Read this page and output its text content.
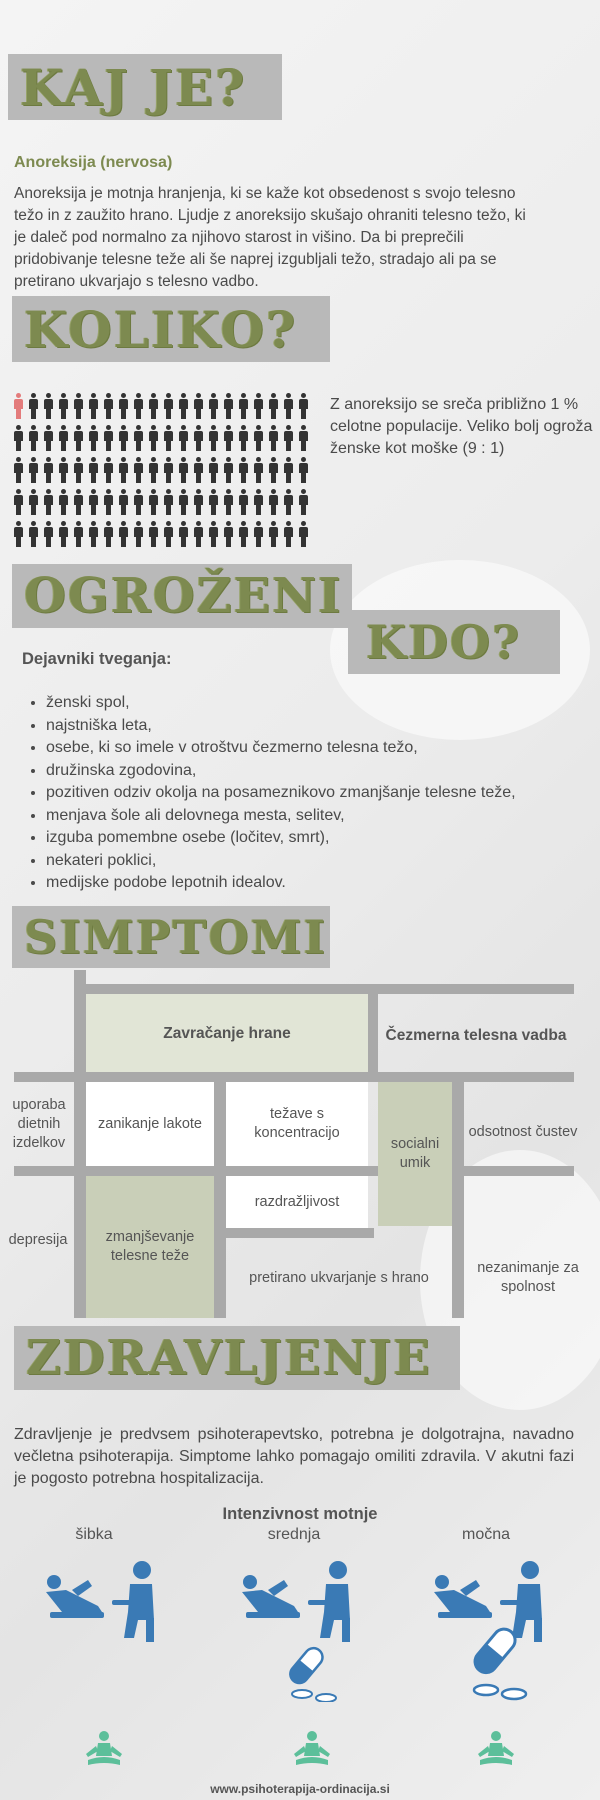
KAJ JE?
KOLIKO?
OGROŽENI
KDO?
SIMPTOMI
ZDRAVLJENJE
Anoreksija (nervosa)
Anoreksija je motnja hranjenja, ki se kaže kot obsedenost s svojo telesno težo in z zaužito hrano. Ljudje z anoreksijo skušajo ohraniti telesno težo, ki je daleč pod normalno za njihovo starost in višino. Da bi preprečili pridobivanje telesne teže ali še naprej izgubljali težo, stradajo ali pa se pretirano ukvarjajo s telesno vadbo.
Z anoreksijo se sreča približno 1 % celotne populacije. Veliko bolj ogroža ženske kot moške (9 : 1)
Dejavniki tveganja:
• ženski spol,
• najstniška leta,
• osebe, ki so imele v otroštvu čezmerno telesna težo,
• družinska zgodovina,
• pozitiven odziv okolja na posameznikovo zmanjšanje telesne teže,
• menjava šole ali delovnega mesta, selitev,
• izguba pomembne osebe (ločitev, smrt),
• nekateri poklici,
• medijske podobe lepotnih idealov.
Zavračanje hrane	Čezmerna telesna vadba
uporaba dietnih izdelkov
zanikanje lakote
težave s koncentracijo
socialni umik
odsotnost čustev
razdražljivost
depresija	zmanjševanje telesne teže
pretirano ukvarjanje s hrano
nezanimanje za spolnost
Zdravljenje je predvsem psihoterapevtsko, potrebna je dolgotrajna, navadno večletna psihoterapija. Simptome lahko pomagajo omiliti zdravila. V akutni fazi je pogosto potrebna hospitalizacija.
Intenzivnost motnje
šibka	srednja	močna
www.psihoterapija-ordinacija.si
